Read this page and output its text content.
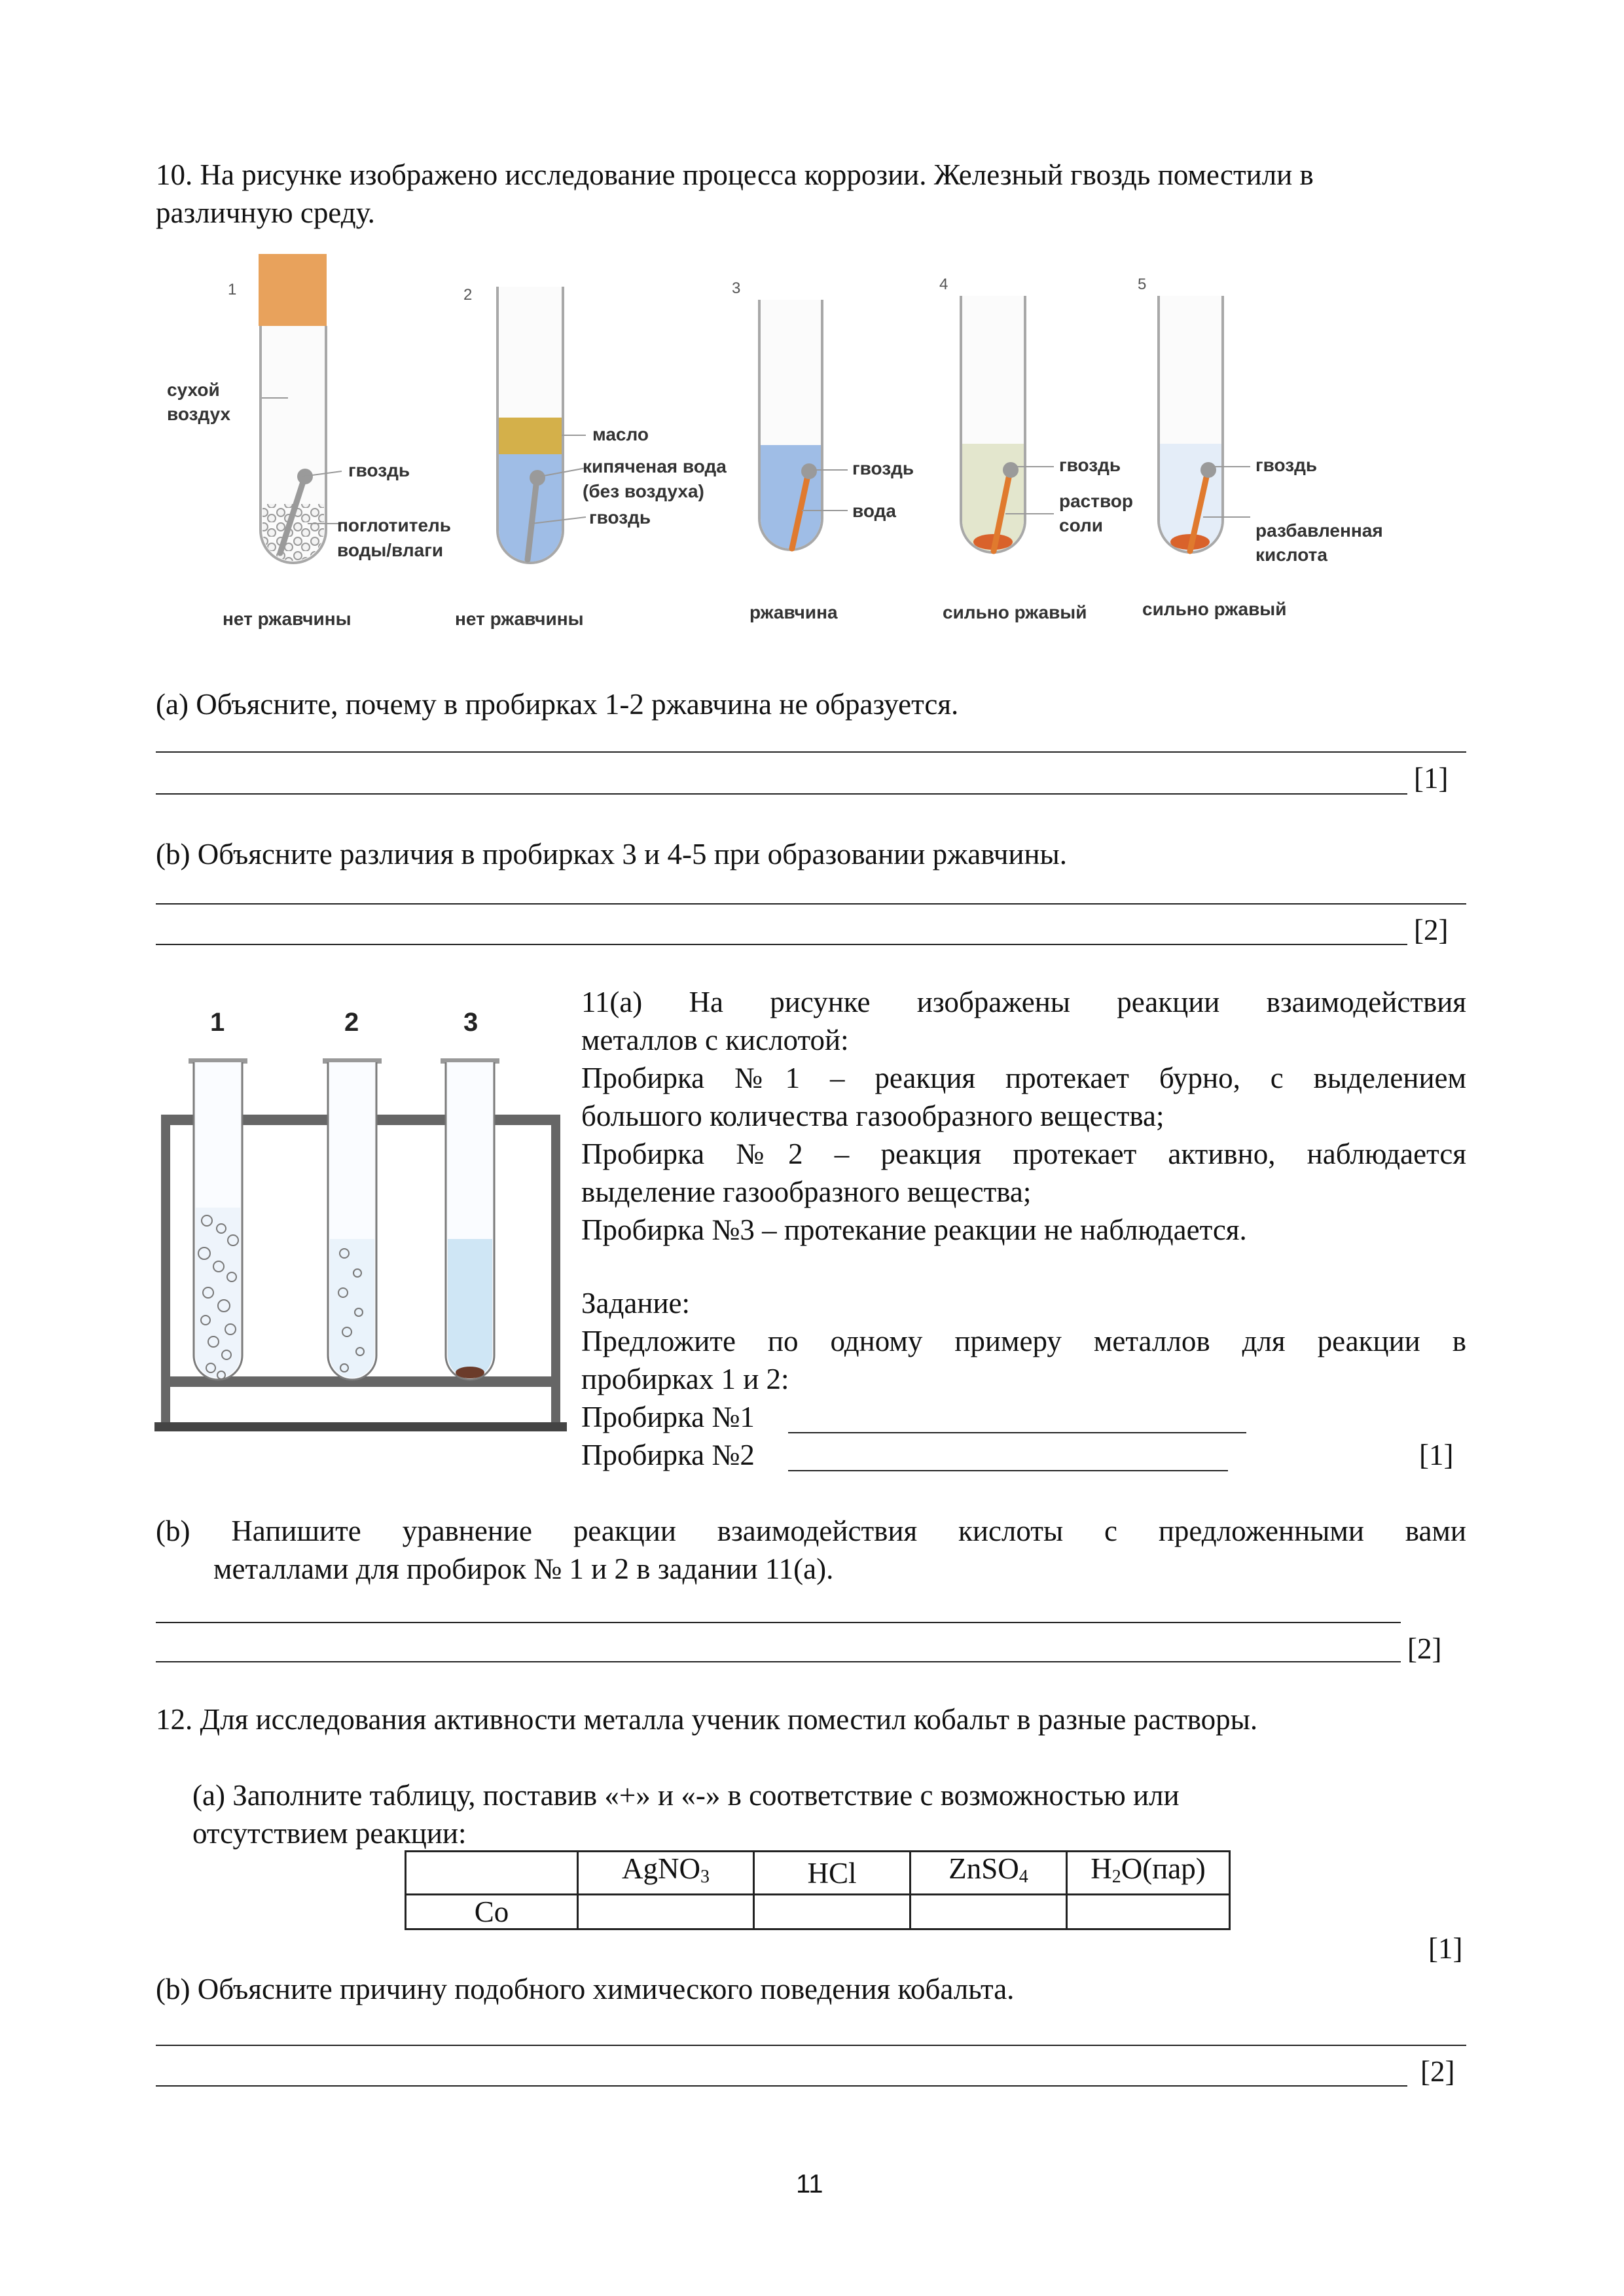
10. На рисунке изображено исследование процесса коррозии. Железный гвоздь поместили в
различную среду.
1
сухой
воздух
гвоздь
поглотитель
воды/влаги
нет ржавчины
2
масло
кипяченая вода
(без воздуха)
гвоздь
нет ржавчины
3
гвоздь
вода
ржавчина
4
гвоздь
раствор
соли
сильно ржавый
5
гвоздь
разбавленная
кислота
сильно ржавый
(а) Объясните, почему в пробирках 1-2 ржавчина не образуется.
[1]
(b) Объясните различия в пробирках 3 и 4-5 при образовании ржавчины.
[2]
1	2	3
11(а) На рисунке изображены реакции взаимодействия
металлов с кислотой:
Пробирка №1 – реакция протекает бурно, с выделением
большого количества газообразного вещества;
Пробирка №2 – реакция протекает активно, наблюдается
выделение газообразного вещества;
Пробирка №3 – протекание реакции не наблюдается.
Задание:
Предложите по одному примеру металлов для реакции в
пробирках 1 и 2:
Пробирка №1
Пробирка №2	[1]
(b) Напишите уравнение реакции взаимодействия кислоты с предложенными вами
металлами для пробирок № 1 и 2 в задании 11(а).
[2]
12. Для исследования активности металла ученик поместил кобальт в разные растворы.
(а) Заполните таблицу, поставив «+» и «-» в соответствие с возможностью или
отсутствием реакции:
	AgNO$_3$	HCl	ZnSO$_4$	$H_2O(пар)$
Co				
[1]
(b) Объясните причину подобного химического поведения кобальта.
[2]
11
